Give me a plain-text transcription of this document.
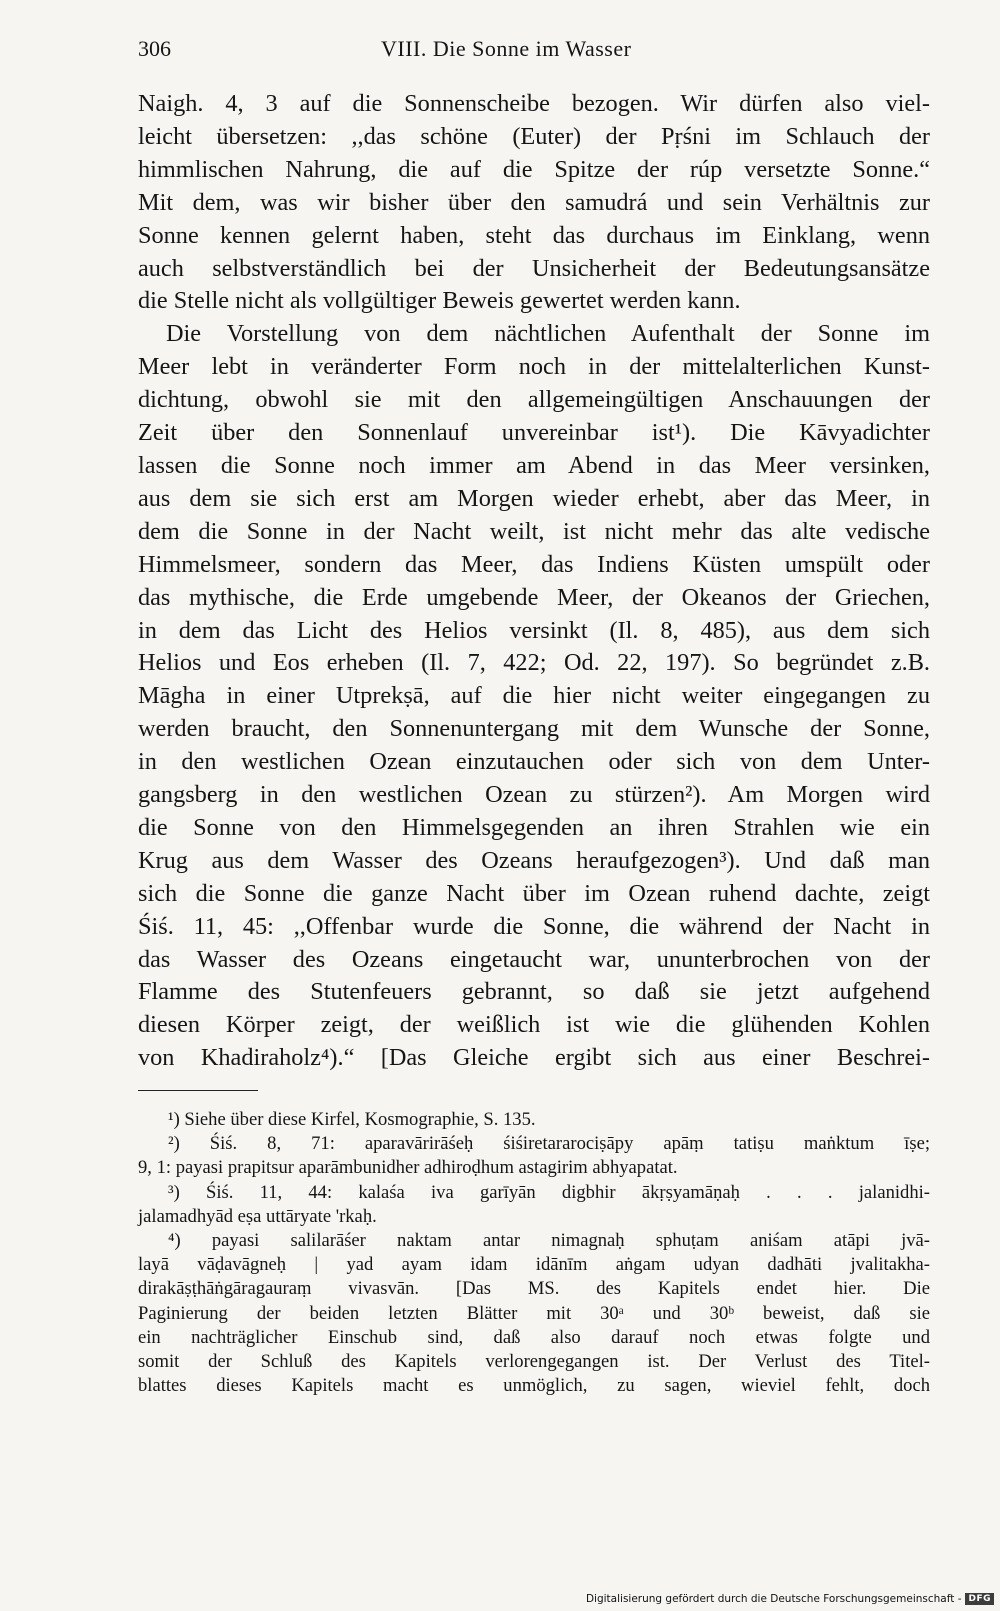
306	VIII. Die Sonne im Wasser

Naigh. 4, 3 auf die Sonnenscheibe bezogen. Wir dürfen also viel-

leicht übersetzen: ,,das schöne (Euter) der Pṛśni im Schlauch der

himmlischen Nahrung, die auf die Spitze der rúp versetzte Sonne.“

Mit dem, was wir bisher über den samudrá und sein Verhältnis zur

Sonne kennen gelernt haben, steht das durchaus im Einklang, wenn

auch selbstverständlich bei der Unsicherheit der Bedeutungsansätze

die Stelle nicht als vollgültiger Beweis gewertet werden kann.

Die Vorstellung von dem nächtlichen Aufenthalt der Sonne im

Meer lebt in veränderter Form noch in der mittelalterlichen Kunst-

dichtung, obwohl sie mit den allgemeingültigen Anschauungen der

Zeit über den Sonnenlauf unvereinbar ist¹). Die Kāvyadichter

lassen die Sonne noch immer am Abend in das Meer versinken,

aus dem sie sich erst am Morgen wieder erhebt, aber das Meer, in

dem die Sonne in der Nacht weilt, ist nicht mehr das alte vedische

Himmelsmeer, sondern das Meer, das Indiens Küsten umspült oder

das mythische, die Erde umgebende Meer, der Okeanos der Griechen,

in dem das Licht des Helios versinkt (Il. 8, 485), aus dem sich

Helios und Eos erheben (Il. 7, 422; Od. 22, 197). So begründet z.B.

Māgha in einer Utprekṣā, auf die hier nicht weiter eingegangen zu

werden braucht, den Sonnenuntergang mit dem Wunsche der Sonne,

in den westlichen Ozean einzutauchen oder sich von dem Unter-

gangsberg in den westlichen Ozean zu stürzen²). Am Morgen wird

die Sonne von den Himmelsgegenden an ihren Strahlen wie ein

Krug aus dem Wasser des Ozeans heraufgezogen³). Und daß man

sich die Sonne die ganze Nacht über im Ozean ruhend dachte, zeigt

Śiś. 11, 45: ,,Offenbar wurde die Sonne, die während der Nacht in

das Wasser des Ozeans eingetaucht war, ununterbrochen von der

Flamme des Stutenfeuers gebrannt, so daß sie jetzt aufgehend

diesen Körper zeigt, der weißlich ist wie die glühenden Kohlen

von Khadiraholz⁴).“ [Das Gleiche ergibt sich aus einer Beschrei-

¹) Siehe über diese Kirfel, Kosmographie, S. 135.

²) Śiś. 8, 71: aparavārirāśeḥ śiśiretararociṣāpy apāṃ tatiṣu maṅktum īṣe;

9, 1: payasi prapitsur aparāmbunidher adhiroḍhum astagirim abhyapatat.

³) Śiś. 11, 44: kalaśa iva garīyān digbhir ākṛṣyamāṇaḥ . . . jalanidhi-

jalamadhyād eṣa uttāryate 'rkaḥ.

⁴) payasi salilarāśer naktam antar nimagnaḥ sphuṭam aniśam atāpi jvā-

layā vāḍavāgneḥ | yad ayam idam idānīm aṅgam udyan dadhāti jvalitakha-

dirakāṣṭhāṅgāragauraṃ vivasvān. [Das MS. des Kapitels endet hier. Die

Paginierung der beiden letzten Blätter mit 30ᵃ und 30ᵇ beweist, daß sie

ein nachträglicher Einschub sind, daß also darauf noch etwas folgte und

somit der Schluß des Kapitels verlorengegangen ist. Der Verlust des Titel-

blattes dieses Kapitels macht es unmöglich, zu sagen, wieviel fehlt, doch

Digitalisierung gefördert durch die Deutsche Forschungsgemeinschaft - DFG
